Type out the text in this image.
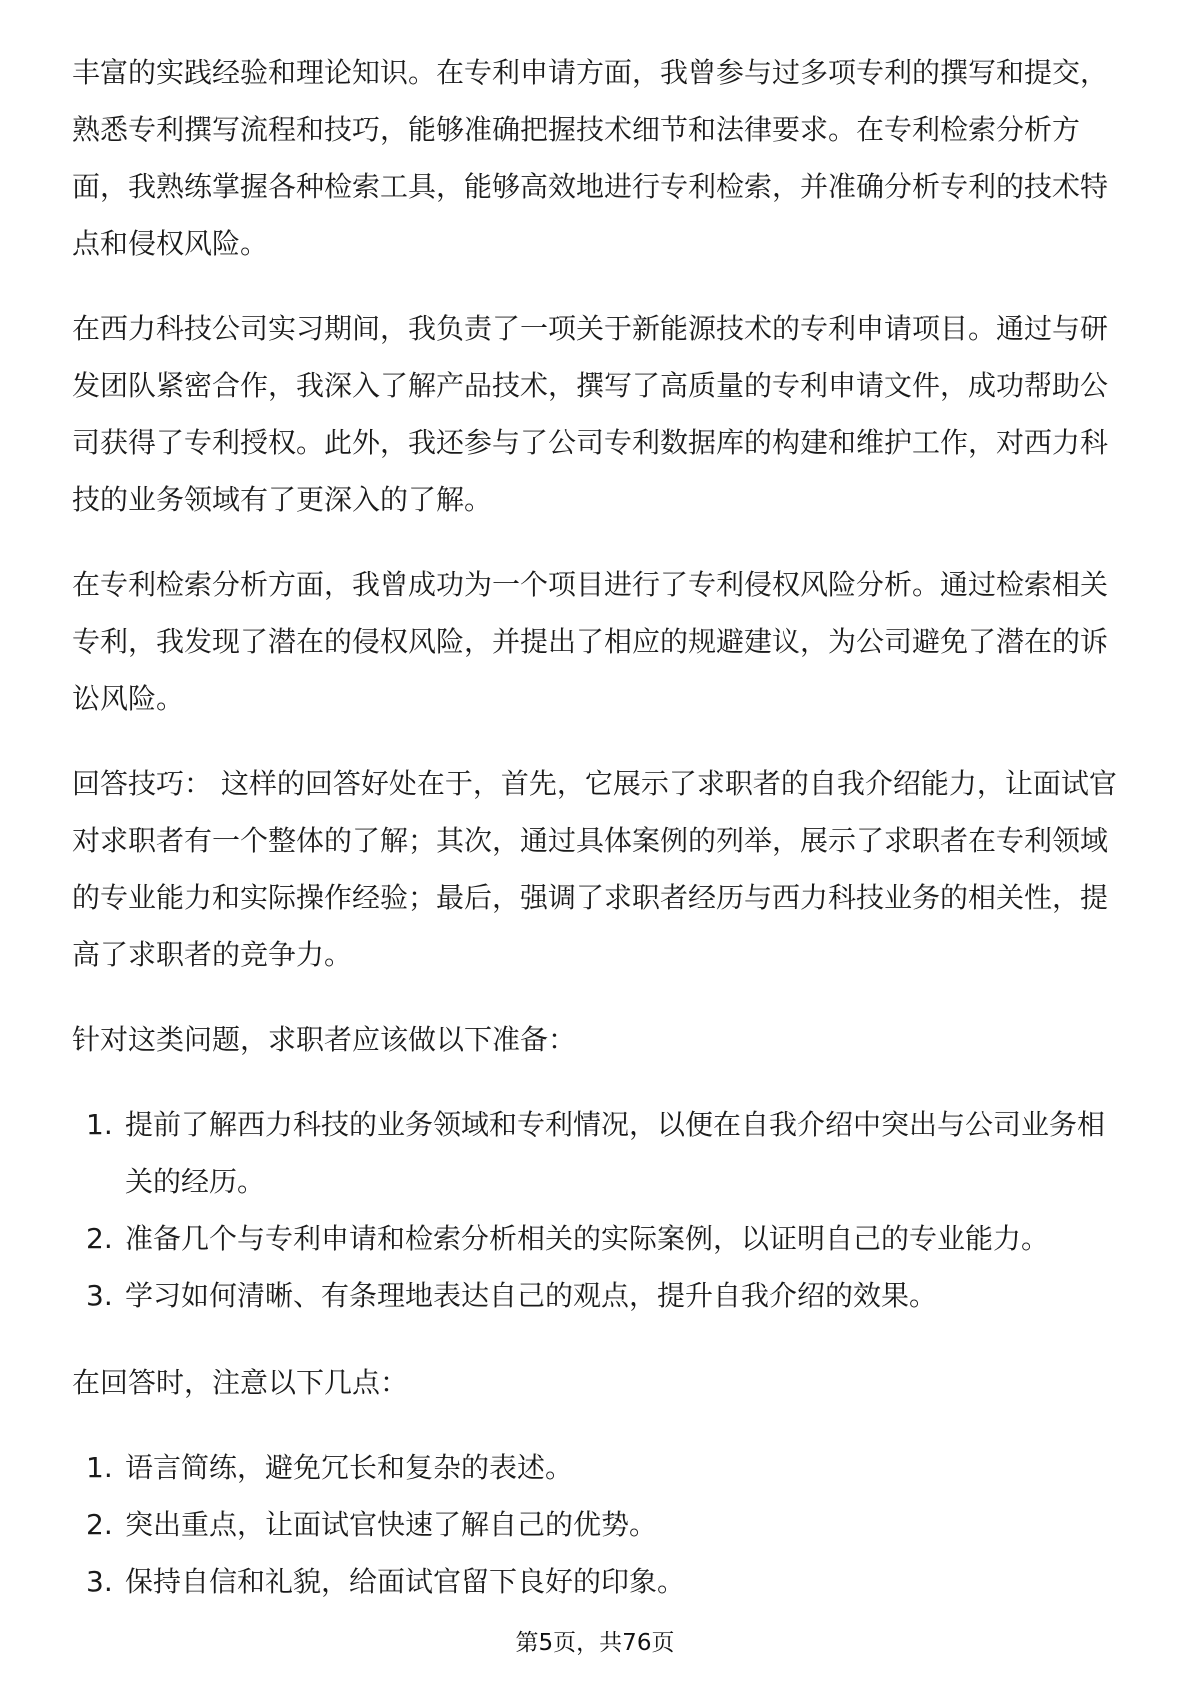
丰富的实践经验和理论知识。在专利申请方面，我曾参与过多项专利的撰写和提交，熟悉专利撰写流程和技巧，能够准确把握技术细节和法律要求。在专利检索分析方面，我熟练掌握各种检索工具，能够高效地进行专利检索，并准确分析专利的技术特点和侵权风险。

在西力科技公司实习期间，我负责了一项关于新能源技术的专利申请项目。通过与研发团队紧密合作，我深入了解产品技术，撰写了高质量的专利申请文件，成功帮助公司获得了专利授权。此外，我还参与了公司专利数据库的构建和维护工作，对西力科技的业务领域有了更深入的了解。

在专利检索分析方面，我曾成功为一个项目进行了专利侵权风险分析。通过检索相关专利，我发现了潜在的侵权风险，并提出了相应的规避建议，为公司避免了潜在的诉讼风险。

回答技巧： 这样的回答好处在于，首先，它展示了求职者的自我介绍能力，让面试官对求职者有一个整体的了解；其次，通过具体案例的列举，展示了求职者在专利领域的专业能力和实际操作经验；最后，强调了求职者经历与西力科技业务的相关性，提高了求职者的竞争力。

针对这类问题，求职者应该做以下准备：

1. 提前了解西力科技的业务领域和专利情况，以便在自我介绍中突出与公司业务相关的经历。
2. 准备几个与专利申请和检索分析相关的实际案例，以证明自己的专业能力。
3. 学习如何清晰、有条理地表达自己的观点，提升自我介绍的效果。

在回答时，注意以下几点：

1. 语言简练，避免冗长和复杂的表述。
2. 突出重点，让面试官快速了解自己的优势。
3. 保持自信和礼貌，给面试官留下良好的印象。
第5页，共76页
